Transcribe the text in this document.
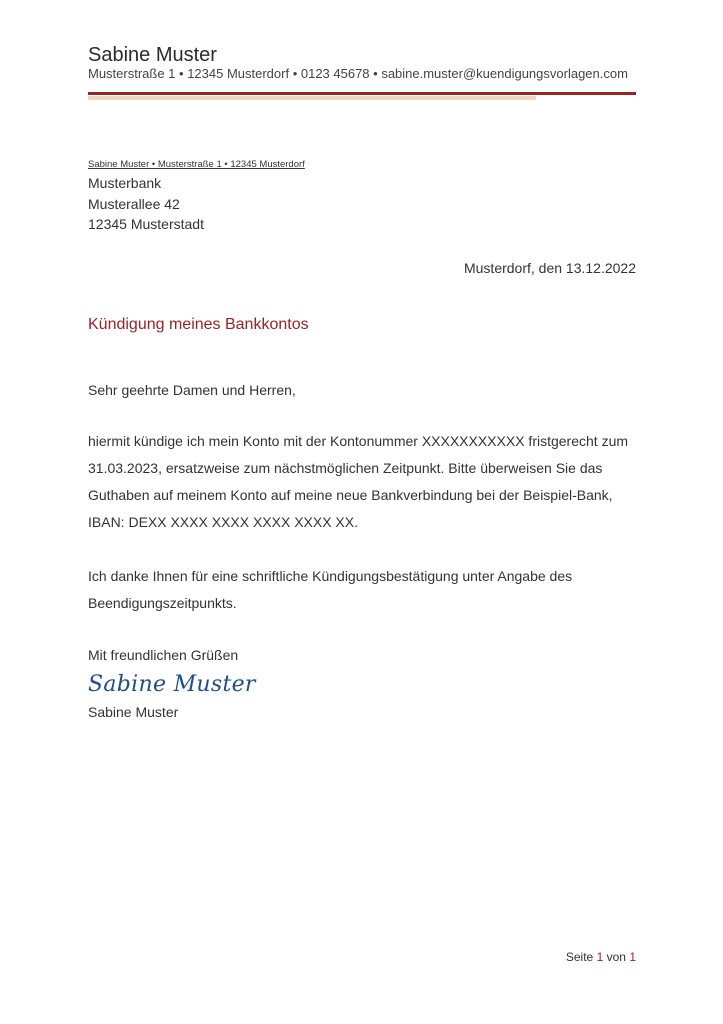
Sabine Muster
Musterstraße 1 • 12345 Musterdorf • 0123 45678 • sabine.muster@kuendigungsvorlagen.com
Sabine Muster • Musterstraße 1 • 12345 Musterdorf
Musterbank
Musterallee 42
12345 Musterstadt
Musterdorf, den 13.12.2022
Kündigung meines Bankkontos
Sehr geehrte Damen und Herren,
hiermit kündige ich mein Konto mit der Kontonummer XXXXXXXXXXX fristgerecht zum
31.03.2023, ersatzweise zum nächstmöglichen Zeitpunkt. Bitte überweisen Sie das
Guthaben auf meinem Konto auf meine neue Bankverbindung bei der Beispiel-Bank,
IBAN: DEXX XXXX XXXX XXXX XXXX XX.
Ich danke Ihnen für eine schriftliche Kündigungsbestätigung unter Angabe des
Beendigungszeitpunkts.
Mit freundlichen Grüßen
Sabine Muster
Sabine Muster
Seite 1 von 1
